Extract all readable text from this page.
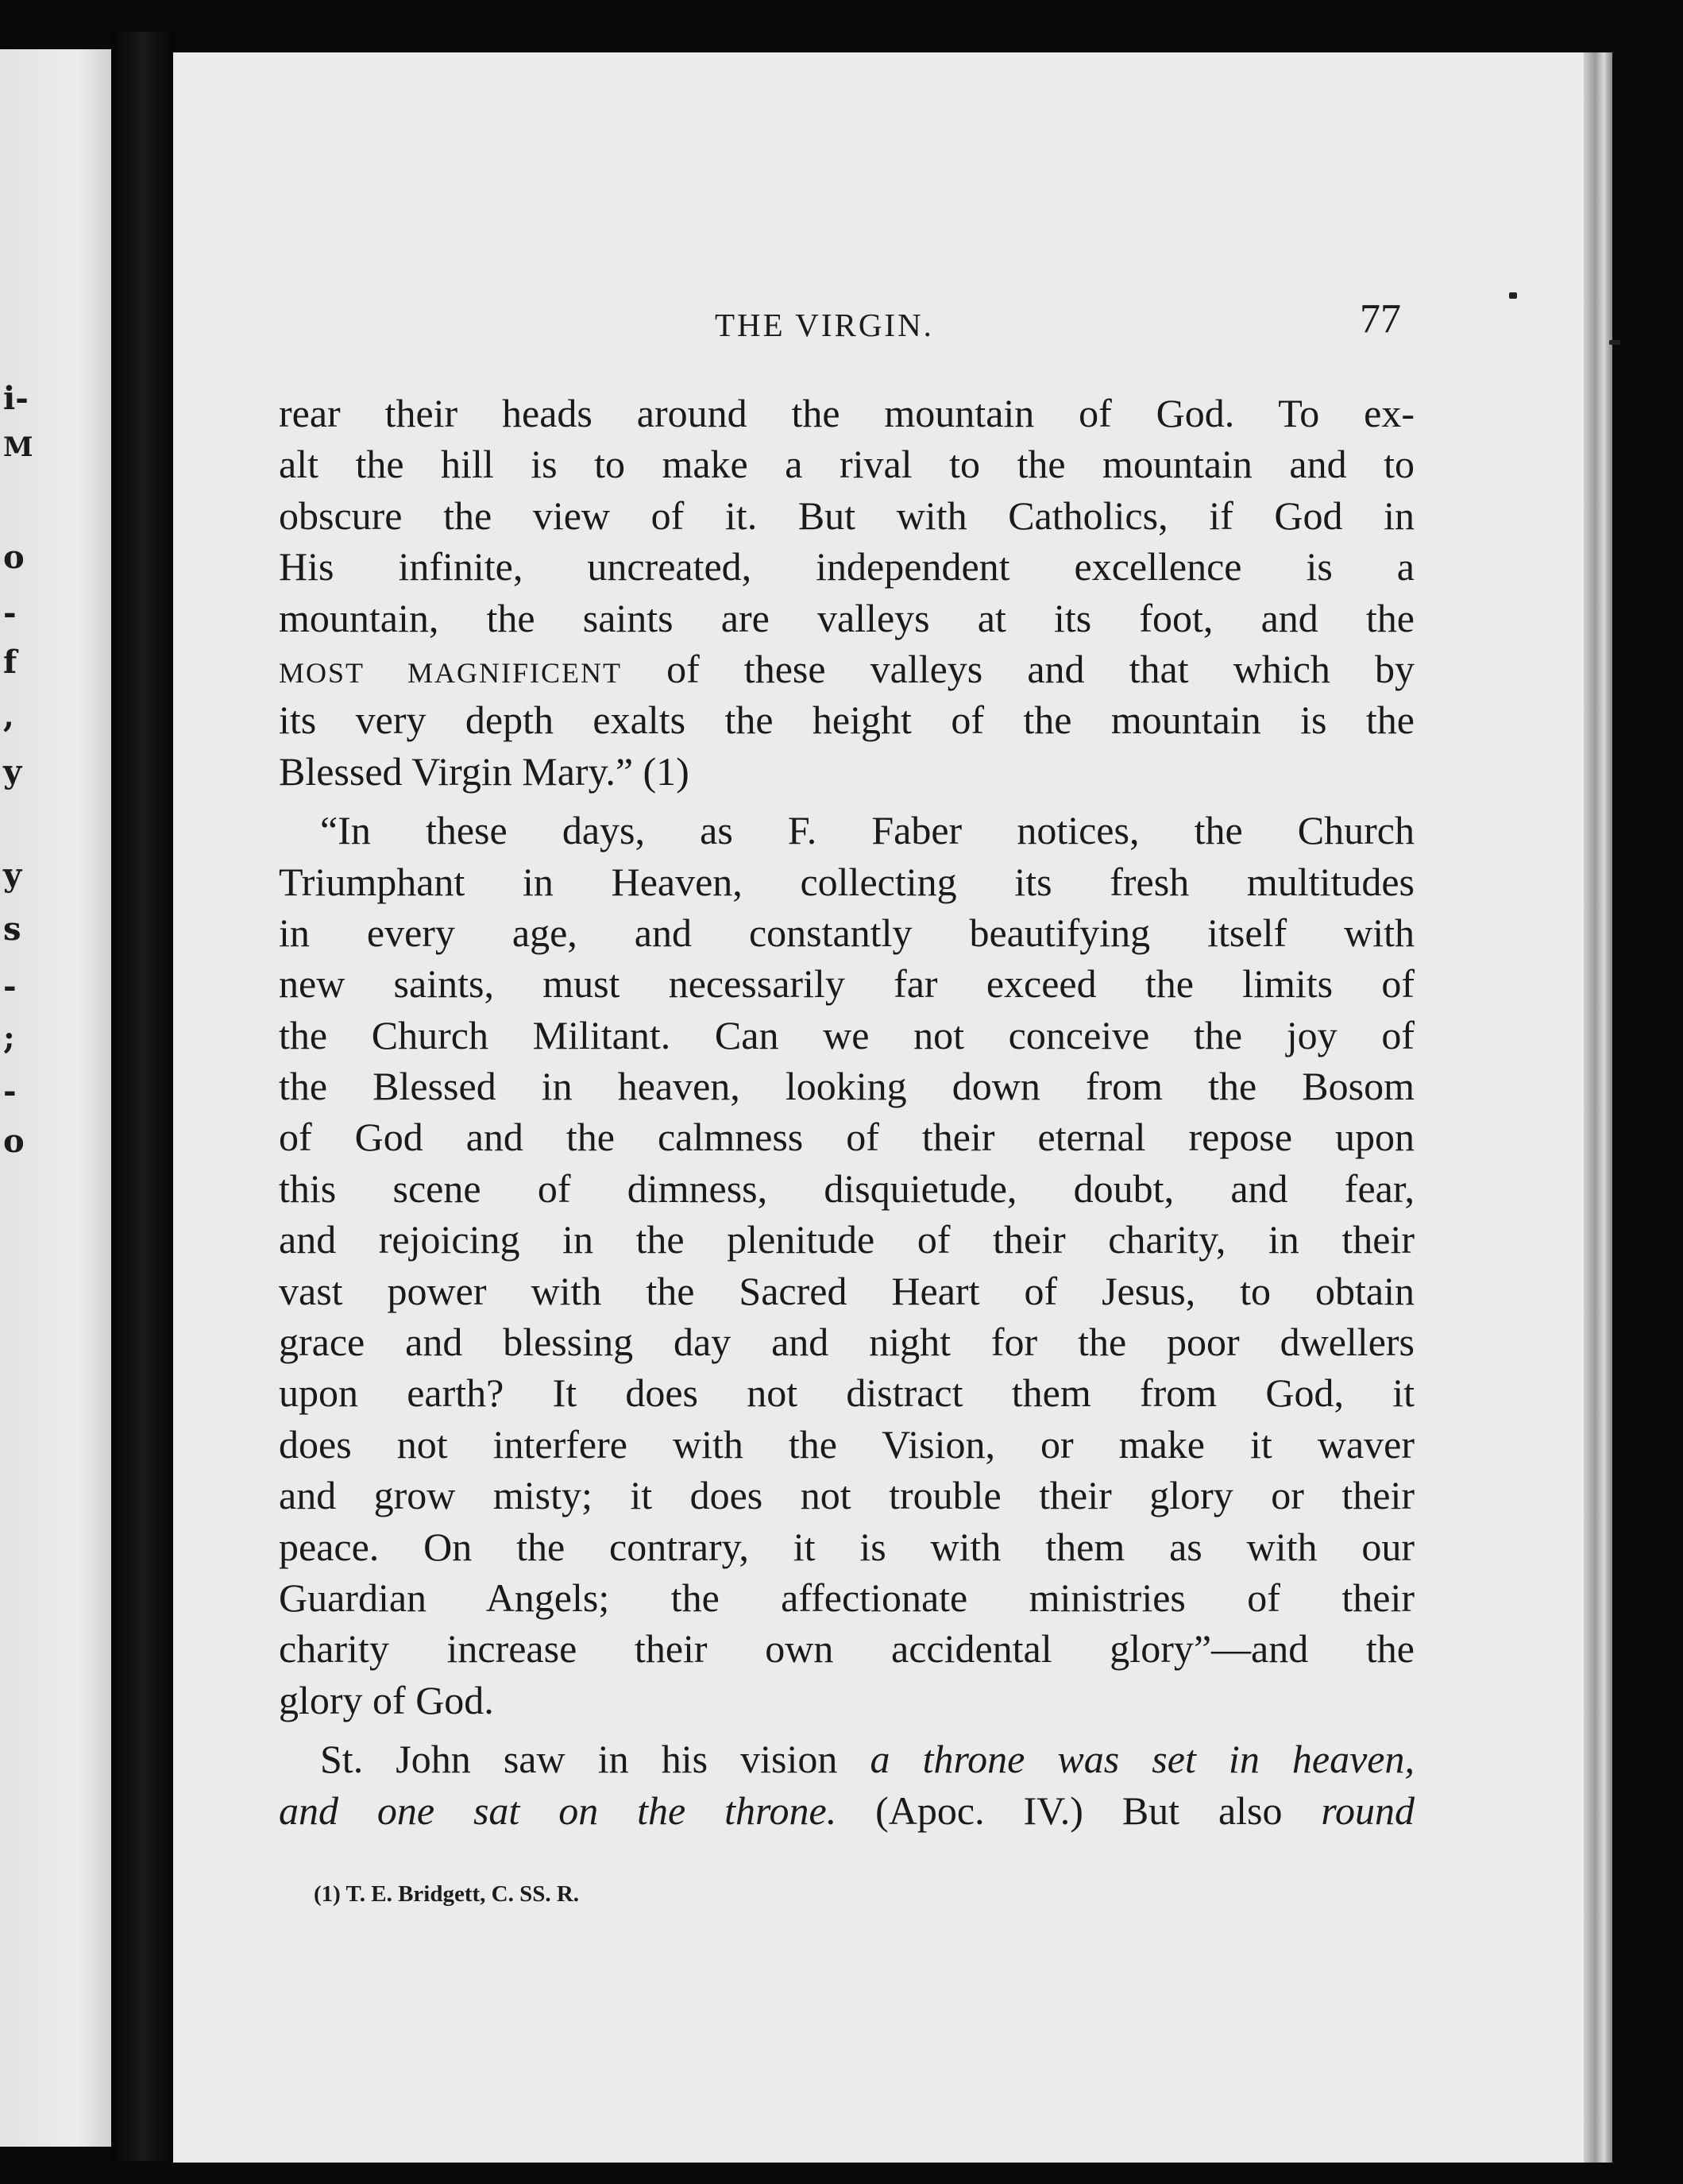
i-
M
o
-
f
,
y
y
s
-
;
-
o
THE VIRGIN.	77
rear their heads around the mountain of God. To ex-
alt the hill is to make a rival to the mountain and to
obscure the view of it. But with Catholics, if God in
His infinite, uncreated, independent excellence is a
mountain, the saints are valleys at its foot, and the
MOST MAGNIFICENT of these valleys and that which by
its very depth exalts the height of the mountain is the
Blessed Virgin Mary.” (1)
“In these days, as F. Faber notices, the Church
Triumphant in Heaven, collecting its fresh multitudes
in every age, and constantly beautifying itself with
new saints, must necessarily far exceed the limits of
the Church Militant. Can we not conceive the joy of
the Blessed in heaven, looking down from the Bosom
of God and the calmness of their eternal repose upon
this scene of dimness, disquietude, doubt, and fear,
and rejoicing in the plenitude of their charity, in their
vast power with the Sacred Heart of Jesus, to obtain
grace and blessing day and night for the poor dwellers
upon earth? It does not distract them from God, it
does not interfere with the Vision, or make it waver
and grow misty; it does not trouble their glory or their
peace. On the contrary, it is with them as with our
Guardian Angels; the affectionate ministries of their
charity increase their own accidental glory”—and the
glory of God.
St. John saw in his vision a throne was set in heaven,
and one sat on the throne. (Apoc. IV.) But also round
(1) T. E. Bridgett, C. SS. R.
